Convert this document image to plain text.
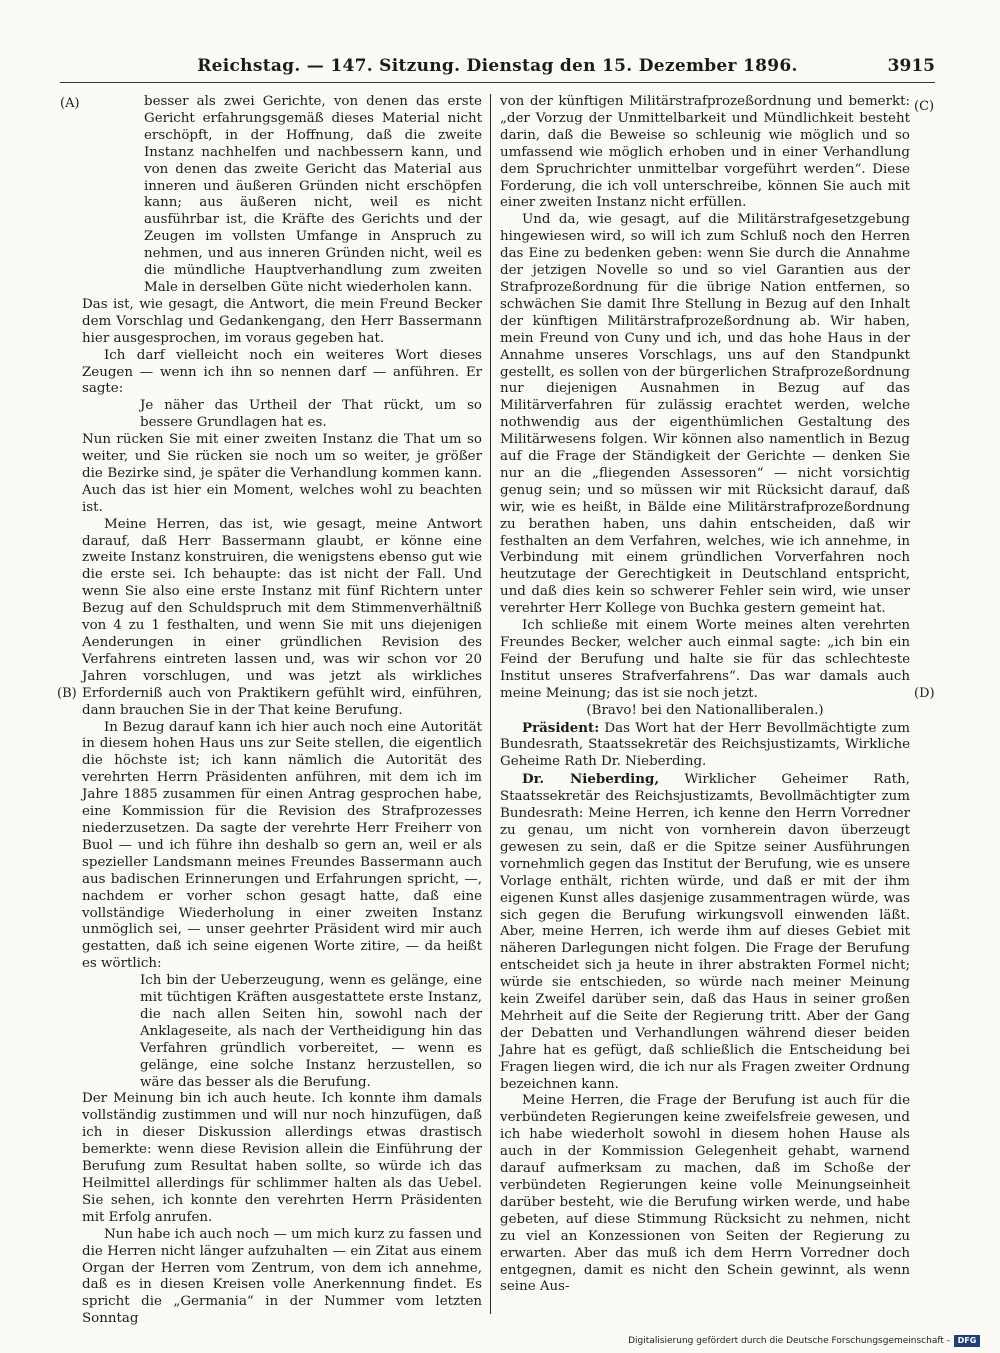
Reichstag. — 147. Sitzung. Dienstag den 15. Dezember 1896.	3915
(A)
(B)
(C)
(D)

besser als zwei Gerichte, von denen das erste Gericht erfahrungsgemäß dieses Material nicht erschöpft, in der Hoffnung, daß die zweite Instanz nachhelfen und nachbessern kann, und von denen das zweite Gericht das Material aus inneren und äußeren Gründen nicht erschöpfen kann; aus äußeren nicht, weil es nicht ausführbar ist, die Kräfte des Gerichts und der Zeugen im vollsten Umfange in Anspruch zu nehmen, und aus inneren Gründen nicht, weil es die mündliche Hauptverhandlung zum zweiten Male in derselben Güte nicht wiederholen kann.

Das ist, wie gesagt, die Antwort, die mein Freund Becker dem Vorschlag und Gedankengang, den Herr Bassermann hier ausgesprochen, im voraus gegeben hat.

Ich darf vielleicht noch ein weiteres Wort dieses Zeugen — wenn ich ihn so nennen darf — anführen. Er sagte:

Je näher das Urtheil der That rückt, um so bessere Grundlagen hat es.

Nun rücken Sie mit einer zweiten Instanz die That um so weiter, und Sie rücken sie noch um so weiter, je größer die Bezirke sind, je später die Verhandlung kommen kann. Auch das ist hier ein Moment, welches wohl zu beachten ist.

Meine Herren, das ist, wie gesagt, meine Antwort darauf, daß Herr Bassermann glaubt, er könne eine zweite Instanz konstruiren, die wenigstens ebenso gut wie die erste sei. Ich behaupte: das ist nicht der Fall. Und wenn Sie also eine erste Instanz mit fünf Richtern unter Bezug auf den Schuldspruch mit dem Stimmenverhältniß von 4 zu 1 festhalten, und wenn Sie mit uns diejenigen Aenderungen in einer gründlichen Revision des Verfahrens eintreten lassen und, was wir schon vor 20 Jahren vorschlugen, und was jetzt als wirkliches Erforderniß auch von Praktikern gefühlt wird, einführen, dann brauchen Sie in der That keine Berufung.

In Bezug darauf kann ich hier auch noch eine Autorität in diesem hohen Haus uns zur Seite stellen, die eigentlich die höchste ist; ich kann nämlich die Autorität des verehrten Herrn Präsidenten anführen, mit dem ich im Jahre 1885 zusammen für einen Antrag gesprochen habe, eine Kommission für die Revision des Strafprozesses niederzusetzen. Da sagte der verehrte Herr Freiherr von Buol — und ich führe ihn deshalb so gern an, weil er als spezieller Landsmann meines Freundes Bassermann auch aus badischen Erinnerungen und Erfahrungen spricht, —, nachdem er vorher schon gesagt hatte, daß eine vollständige Wiederholung in einer zweiten Instanz unmöglich sei, — unser geehrter Präsident wird mir auch gestatten, daß ich seine eigenen Worte zitire, — da heißt es wörtlich:

Ich bin der Ueberzeugung, wenn es gelänge, eine mit tüchtigen Kräften ausgestattete erste Instanz, die nach allen Seiten hin, sowohl nach der Anklageseite, als nach der Vertheidigung hin das Verfahren gründlich vorbereitet, — wenn es gelänge, eine solche Instanz herzustellen, so wäre das besser als die Berufung.

Der Meinung bin ich auch heute. Ich konnte ihm damals vollständig zustimmen und will nur noch hinzufügen, daß ich in dieser Diskussion allerdings etwas drastisch bemerkte: wenn diese Revision allein die Einführung der Berufung zum Resultat haben sollte, so würde ich das Heilmittel allerdings für schlimmer halten als das Uebel. Sie sehen, ich konnte den verehrten Herrn Präsidenten mit Erfolg anrufen.

Nun habe ich auch noch — um mich kurz zu fassen und die Herren nicht länger aufzuhalten — ein Zitat aus einem Organ der Herren vom Zentrum, von dem ich annehme, daß es in diesen Kreisen volle Anerkennung findet. Es spricht die „Germania“ in der Nummer vom letzten Sonntag

von der künftigen Militärstrafprozeßordnung und bemerkt: „der Vorzug der Unmittelbarkeit und Mündlichkeit besteht darin, daß die Beweise so schleunig wie möglich und so umfassend wie möglich erhoben und in einer Verhandlung dem Spruchrichter unmittelbar vorgeführt werden“. Diese Forderung, die ich voll unterschreibe, können Sie auch mit einer zweiten Instanz nicht erfüllen.

Und da, wie gesagt, auf die Militärstrafgesetzgebung hingewiesen wird, so will ich zum Schluß noch den Herren das Eine zu bedenken geben: wenn Sie durch die Annahme der jetzigen Novelle so und so viel Garantien aus der Strafprozeßordnung für die übrige Nation entfernen, so schwächen Sie damit Ihre Stellung in Bezug auf den Inhalt der künftigen Militärstrafprozeßordnung ab. Wir haben, mein Freund von Cuny und ich, und das hohe Haus in der Annahme unseres Vorschlags, uns auf den Standpunkt gestellt, es sollen von der bürgerlichen Strafprozeßordnung nur diejenigen Ausnahmen in Bezug auf das Militärverfahren für zulässig erachtet werden, welche nothwendig aus der eigenthümlichen Gestaltung des Militärwesens folgen. Wir können also namentlich in Bezug auf die Frage der Ständigkeit der Gerichte — denken Sie nur an die „fliegenden Assessoren“ — nicht vorsichtig genug sein; und so müssen wir mit Rücksicht darauf, daß wir, wie es heißt, in Bälde eine Militärstrafprozeßordnung zu berathen haben, uns dahin entscheiden, daß wir festhalten an dem Verfahren, welches, wie ich annehme, in Verbindung mit einem gründlichen Vorverfahren noch heutzutage der Gerechtigkeit in Deutschland entspricht, und daß dies kein so schwerer Fehler sein wird, wie unser verehrter Herr Kollege von Buchka gestern gemeint hat.

Ich schließe mit einem Worte meines alten verehrten Freundes Becker, welcher auch einmal sagte: „ich bin ein Feind der Berufung und halte sie für das schlechteste Institut unseres Strafverfahrens“. Das war damals auch meine Meinung; das ist sie noch jetzt.

(Bravo! bei den Nationalliberalen.)

Präsident: Das Wort hat der Herr Bevollmächtigte zum Bundesrath, Staatssekretär des Reichsjustizamts, Wirkliche Geheime Rath Dr. Nieberding.

Dr. Nieberding, Wirklicher Geheimer Rath, Staatssekretär des Reichsjustizamts, Bevollmächtigter zum Bundesrath: Meine Herren, ich kenne den Herrn Vorredner zu genau, um nicht von vornherein davon überzeugt gewesen zu sein, daß er die Spitze seiner Ausführungen vornehmlich gegen das Institut der Berufung, wie es unsere Vorlage enthält, richten würde, und daß er mit der ihm eigenen Kunst alles dasjenige zusammentragen würde, was sich gegen die Berufung wirkungsvoll einwenden läßt. Aber, meine Herren, ich werde ihm auf dieses Gebiet mit näheren Darlegungen nicht folgen. Die Frage der Berufung entscheidet sich ja heute in ihrer abstrakten Formel nicht; würde sie entschieden, so würde nach meiner Meinung kein Zweifel darüber sein, daß das Haus in seiner großen Mehrheit auf die Seite der Regierung tritt. Aber der Gang der Debatten und Verhandlungen während dieser beiden Jahre hat es gefügt, daß schließlich die Entscheidung bei Fragen liegen wird, die ich nur als Fragen zweiter Ordnung bezeichnen kann.

Meine Herren, die Frage der Berufung ist auch für die verbündeten Regierungen keine zweifelsfreie gewesen, und ich habe wiederholt sowohl in diesem hohen Hause als auch in der Kommission Gelegenheit gehabt, warnend darauf aufmerksam zu machen, daß im Schoße der verbündeten Regierungen keine volle Meinungseinheit darüber besteht, wie die Berufung wirken werde, und habe gebeten, auf diese Stimmung Rücksicht zu nehmen, nicht zu viel an Konzessionen von Seiten der Regierung zu erwarten. Aber das muß ich dem Herrn Vorredner doch entgegnen, damit es nicht den Schein gewinnt, als wenn seine Aus-

Digitalisierung gefördert durch die Deutsche Forschungsgemeinschaft - DFG
